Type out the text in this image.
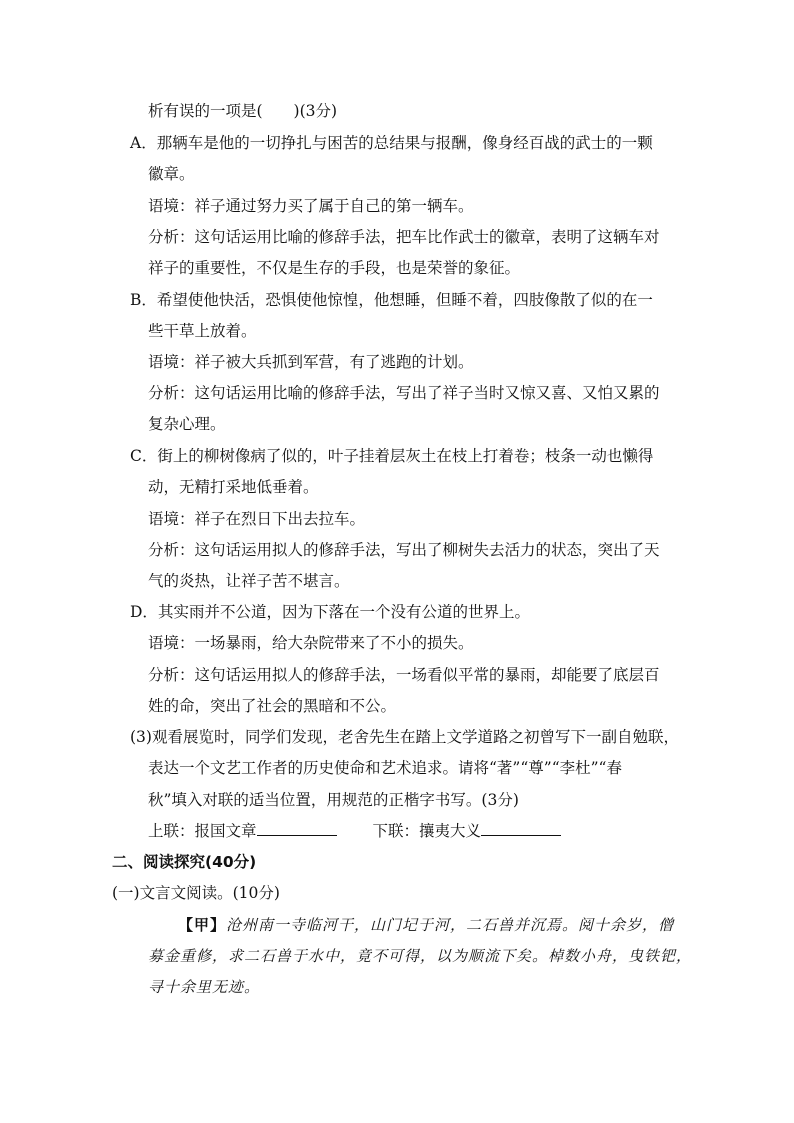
析有误的一项是(　　)(3分)
A．那辆车是他的一切挣扎与困苦的总结果与报酬，像身经百战的武士的一颗
徽章。
语境：祥子通过努力买了属于自己的第一辆车。
分析：这句话运用比喻的修辞手法，把车比作武士的徽章，表明了这辆车对
祥子的重要性，不仅是生存的手段，也是荣誉的象征。
B．希望使他快活，恐惧使他惊惶，他想睡，但睡不着，四肢像散了似的在一
些干草上放着。
语境：祥子被大兵抓到军营，有了逃跑的计划。
分析：这句话运用比喻的修辞手法，写出了祥子当时又惊又喜、又怕又累的
复杂心理。
C．街上的柳树像病了似的，叶子挂着层灰土在枝上打着卷；枝条一动也懒得
动，无精打采地低垂着。
语境：祥子在烈日下出去拉车。
分析：这句话运用拟人的修辞手法，写出了柳树失去活力的状态，突出了天
气的炎热，让祥子苦不堪言。
D．其实雨并不公道，因为下落在一个没有公道的世界上。
语境：一场暴雨，给大杂院带来了不小的损失。
分析：这句话运用拟人的修辞手法，一场看似平常的暴雨，却能要了底层百
姓的命，突出了社会的黑暗和不公。
(3)观看展览时，同学们发现，老舍先生在踏上文学道路之初曾写下一副自勉联，
表达一个文艺工作者的历史使命和艺术追求。请将“著”“尊”“李杜”“春
秋”填入对联的适当位置，用规范的正楷字书写。(3分)
上联：报国文章	下联：攘夷大义
二、阅读探究(40分)
(一)文言文阅读。(10分)
【甲】沧州南一寺临河干，山门圮于河，二石兽并沉焉。阅十余岁，僧
募金重修，求二石兽于水中，竟不可得，以为顺流下矣。棹数小舟，曳铁钯，
寻十余里无迹。
